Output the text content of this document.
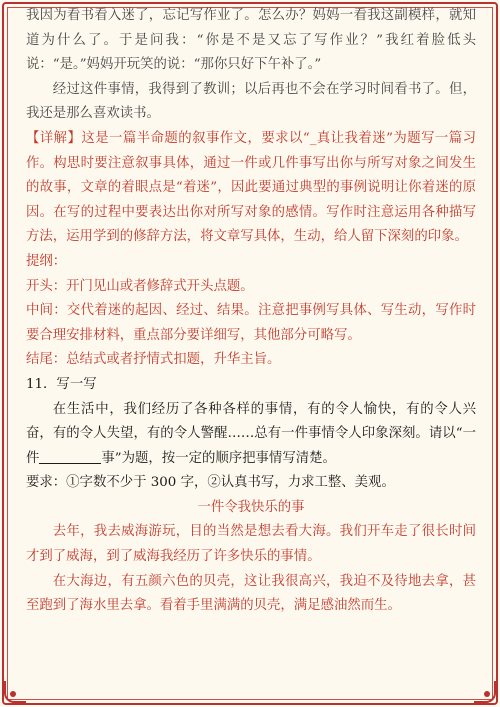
我因为看书看入迷了，忘记写作业了。怎么办？妈妈一看我这副模样，就知道为什么了。于是问我：“你是不是又忘了写作业？”我红着脸低头说：“是。”妈妈开玩笑的说：“那你只好下午补了。”

经过这件事情，我得到了教训；以后再也不会在学习时间看书了。但，我还是那么喜欢读书。

【详解】这是一篇半命题的叙事作文，要求以“_真让我着迷”为题写一篇习作。构思时要注意叙事具体，通过一件或几件事写出你与所写对象之间发生的故事，文章的着眼点是“着迷”，因此要通过典型的事例说明让你着迷的原因。在写的过程中要表达出你对所写对象的感情。写作时注意运用各种描写方法，运用学到的修辞方法，将文章写具体，生动，给人留下深刻的印象。

提纲：

开头：开门见山或者修辞式开头点题。

中间：交代着迷的起因、经过、结果。注意把事例写具体、写生动，写作时要合理安排材料，重点部分要详细写，其他部分可略写。

结尾：总结式或者抒情式扣题，升华主旨。

11．写一写

在生活中，我们经历了各种各样的事情，有的令人愉快，有的令人兴奋，有的令人失望，有的令人警醒……总有一件事情令人印象深刻。请以“一件	事”为题，按一定的顺序把事情写清楚。

要求：①字数不少于 300 字，②认真书写，力求工整、美观。

一件令我快乐的事

去年，我去威海游玩，目的当然是想去看大海。我们开车走了很长时间才到了威海，到了威海我经历了许多快乐的事情。

在大海边，有五颜六色的贝壳，这让我很高兴，我迫不及待地去拿，甚至跑到了海水里去拿。看着手里满满的贝壳，满足感油然而生。
